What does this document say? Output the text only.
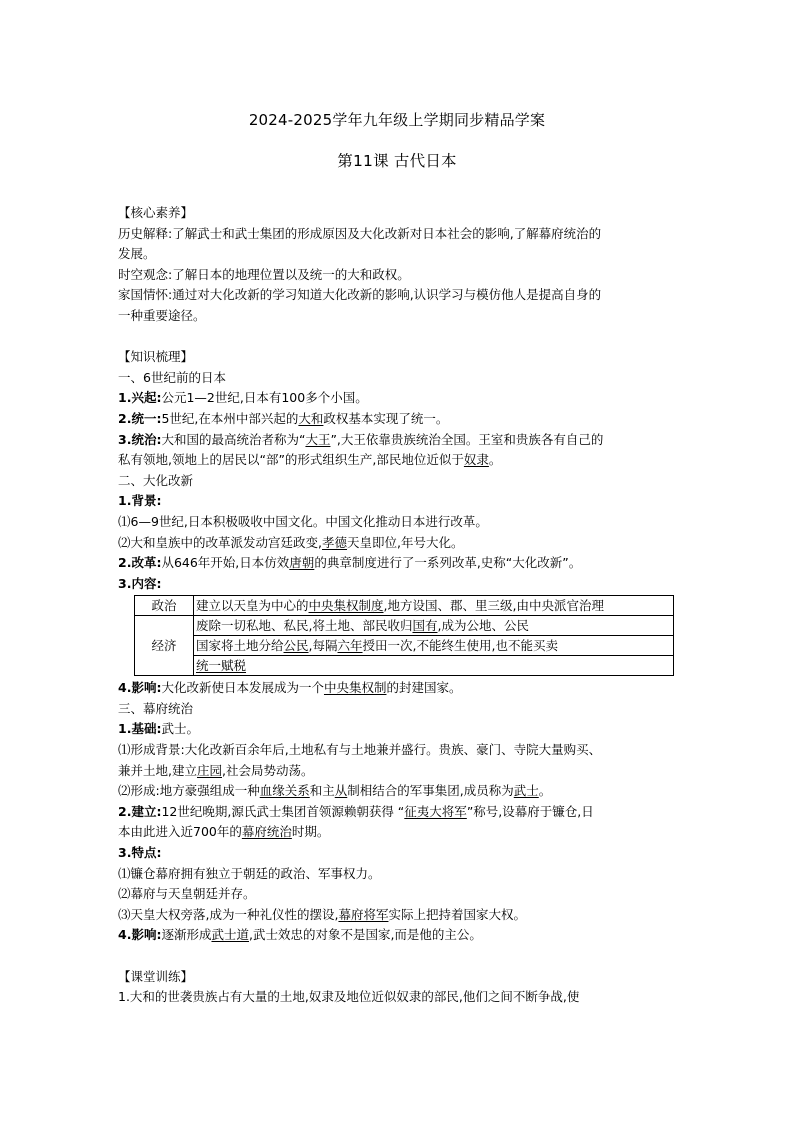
2024-2025学年九年级上学期同步精品学案
第11课 古代日本

【核心素养】

历史解释:了解武士和武士集团的形成原因及大化改新对日本社会的影响,了解幕府统治的

发展。

时空观念:了解日本的地理位置以及统一的大和政权。

家国情怀:通过对大化改新的学习知道大化改新的影响,认识学习与模仿他人是提高自身的

一种重要途径。

【知识梳理】

一、6世纪前的日本

1.兴起:公元1—2世纪,日本有100多个小国。

2.统一:5世纪,在本州中部兴起的大和政权基本实现了统一。

3.统治:大和国的最高统治者称为“大王”,大王依靠贵族统治全国。王室和贵族各有自己的

私有领地,领地上的居民以“部”的形式组织生产,部民地位近似于奴隶。

二、大化改新

1.背景:

⑴6—9世纪,日本积极吸收中国文化。中国文化推动日本进行改革。

⑵大和皇族中的改革派发动宫廷政变,孝德天皇即位,年号大化。

2.改革:从646年开始,日本仿效唐朝的典章制度进行了一系列改革,史称“大化改新”。

3.内容:

政治	建立以天皇为中心的中央集权制度,地方设国、郡、里三级,由中央派官治理
经济	废除一切私地、私民,将土地、部民收归国有,成为公地、公民
	国家将土地分给公民,每隔六年授田一次,不能终生使用,也不能买卖
	统一赋税

4.影响:大化改新使日本发展成为一个中央集权制的封建国家。

三、幕府统治

1.基础:武士。

⑴形成背景:大化改新百余年后,土地私有与土地兼并盛行。贵族、豪门、寺院大量购买、

兼并土地,建立庄园,社会局势动荡。

⑵形成:地方豪强组成一种血缘关系和主从制相结合的军事集团,成员称为武士。

2.建立:12世纪晚期,源氏武士集团首领源赖朝获得 “征夷大将军”称号,设幕府于镰仓,日

本由此进入近700年的幕府统治时期。

3.特点:

⑴镰仓幕府拥有独立于朝廷的政治、军事权力。

⑵幕府与天皇朝廷并存。

⑶天皇大权旁落,成为一种礼仪性的摆设,幕府将军实际上把持着国家大权。

4.影响:逐渐形成武士道,武士效忠的对象不是国家,而是他的主公。

【课堂训练】

1.大和的世袭贵族占有大量的土地,奴隶及地位近似奴隶的部民,他们之间不断争战,使
